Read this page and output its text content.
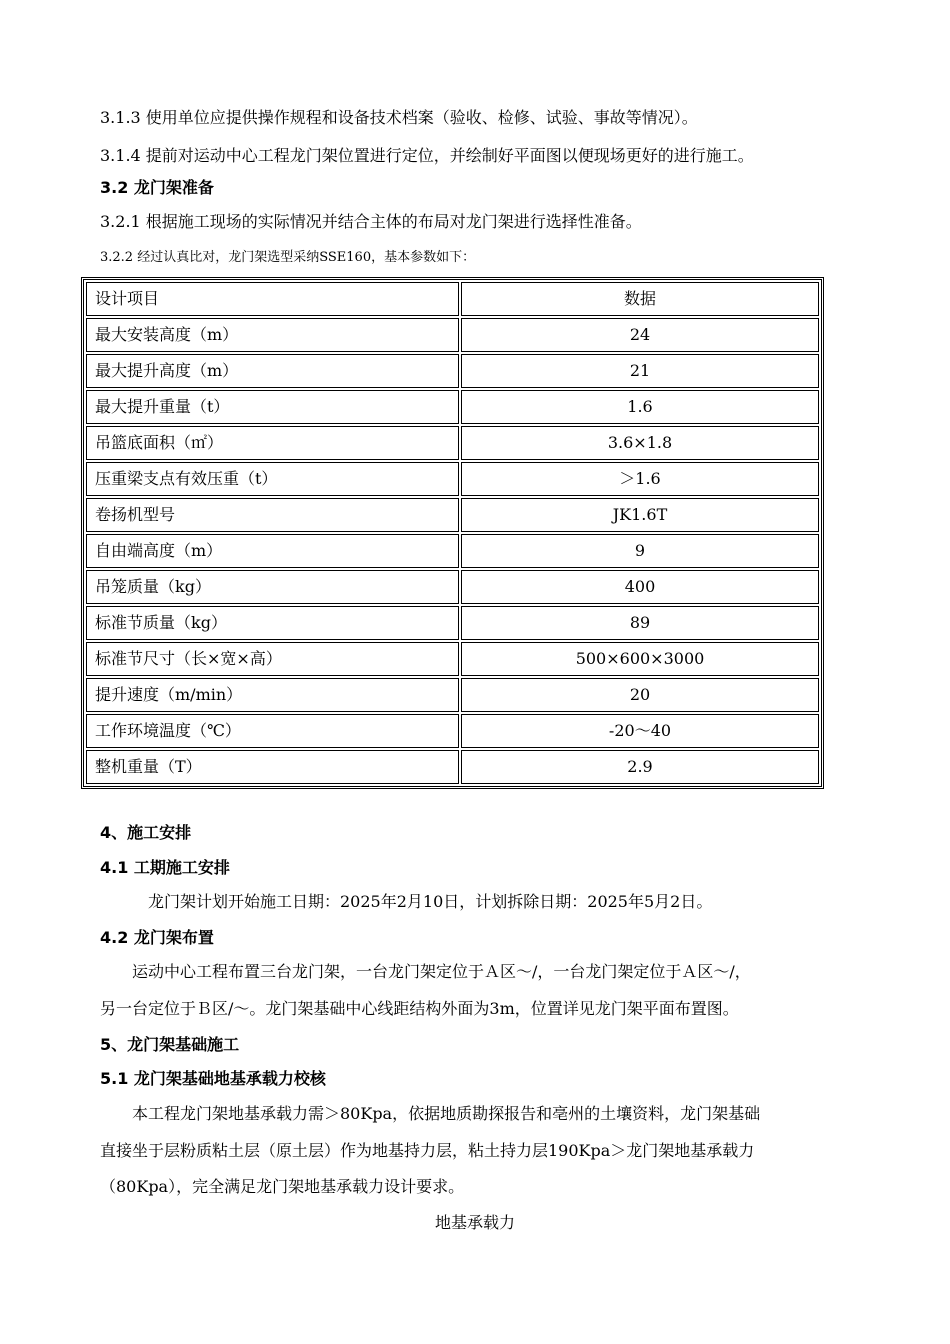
3.1.3 使用单位应提供操作规程和设备技术档案（验收、检修、试验、事故等情况）。
3.1.4 提前对运动中心工程龙门架位置进行定位，并绘制好平面图以便现场更好的进行施工。
3.2 龙门架准备
3.2.1 根据施工现场的实际情况并结合主体的布局对龙门架进行选择性准备。
3.2.2 经过认真比对，龙门架选型采纳SSE160，基本参数如下：
设计项目	数据
最大安装高度（m）	24
最大提升高度（m）	21
最大提升重量（t）	1.6
吊篮底面积（㎡）	3.6×1.8
压重梁支点有效压重（t）	＞1.6
卷扬机型号	JK1.6T
自由端高度（m）	9
吊笼质量（kg）	400
标准节质量（kg）	89
标准节尺寸（长×宽×高）	500×600×3000
提升速度（m/min）	20
工作环境温度（℃）	-20～40
整机重量（T）	2.9
4、施工安排
4.1 工期施工安排
龙门架计划开始施工日期：2025年2月10日，计划拆除日期：2025年5月2日。
4.2 龙门架布置
运动中心工程布置三台龙门架，一台龙门架定位于Ａ区～/，一台龙门架定位于Ａ区～/，
另一台定位于Ｂ区/～。龙门架基础中心线距结构外面为3m，位置详见龙门架平面布置图。
5、龙门架基础施工
5.1 龙门架基础地基承载力校核
本工程龙门架地基承载力需＞80Kpa，依据地质勘探报告和亳州的土壤资料，龙门架基础
直接坐于层粉质粘土层（原土层）作为地基持力层，粘土持力层190Kpa＞龙门架地基承载力
（80Kpa），完全满足龙门架地基承载力设计要求。
地基承载力
